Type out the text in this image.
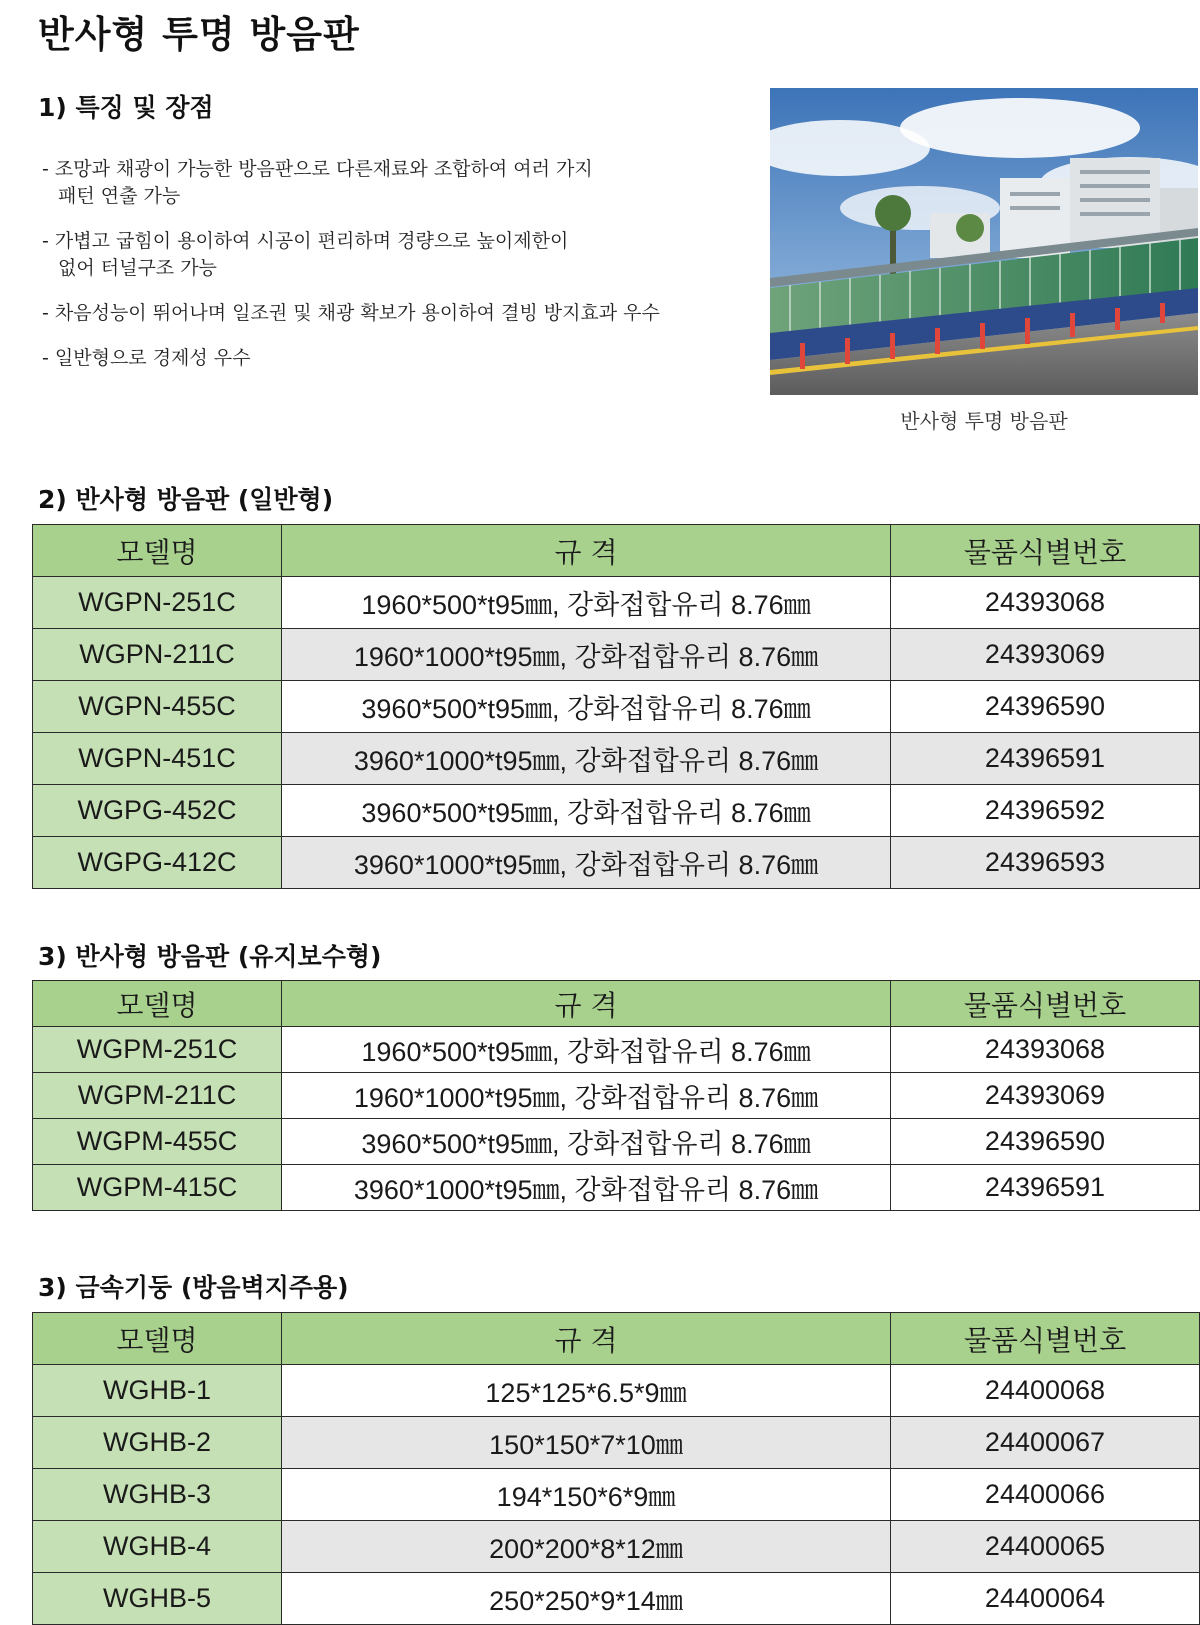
반사형 투명 방음판
1) 특징 및 장점
- 조망과 채광이 가능한 방음판으로 다른재료와 조합하여 여러 가지
패턴 연출 가능
- 가볍고 굽힘이 용이하여 시공이 편리하며 경량으로 높이제한이
없어 터널구조 가능
- 차음성능이 뛰어나며 일조권 및 채광 확보가 용이하여 결빙 방지효과 우수
- 일반형으로 경제성 우수
반사형 투명 방음판
2) 반사형 방음판 (일반형)
모델명	규 격	물품식별번호
WGPN-251C	1960*500*t95㎜, 강화접합유리 8.76㎜	24393068
WGPN-211C	1960*1000*t95㎜, 강화접합유리 8.76㎜	24393069
WGPN-455C	3960*500*t95㎜, 강화접합유리 8.76㎜	24396590
WGPN-451C	3960*1000*t95㎜, 강화접합유리 8.76㎜	24396591
WGPG-452C	3960*500*t95㎜, 강화접합유리 8.76㎜	24396592
WGPG-412C	3960*1000*t95㎜, 강화접합유리 8.76㎜	24396593
3) 반사형 방음판 (유지보수형)
모델명	규 격	물품식별번호
WGPM-251C	1960*500*t95㎜, 강화접합유리 8.76㎜	24393068
WGPM-211C	1960*1000*t95㎜, 강화접합유리 8.76㎜	24393069
WGPM-455C	3960*500*t95㎜, 강화접합유리 8.76㎜	24396590
WGPM-415C	3960*1000*t95㎜, 강화접합유리 8.76㎜	24396591
3) 금속기둥 (방음벽지주용)
모델명	규 격	물품식별번호
WGHB-1	125*125*6.5*9㎜	24400068
WGHB-2	150*150*7*10㎜	24400067
WGHB-3	194*150*6*9㎜	24400066
WGHB-4	200*200*8*12㎜	24400065
WGHB-5	250*250*9*14㎜	24400064
